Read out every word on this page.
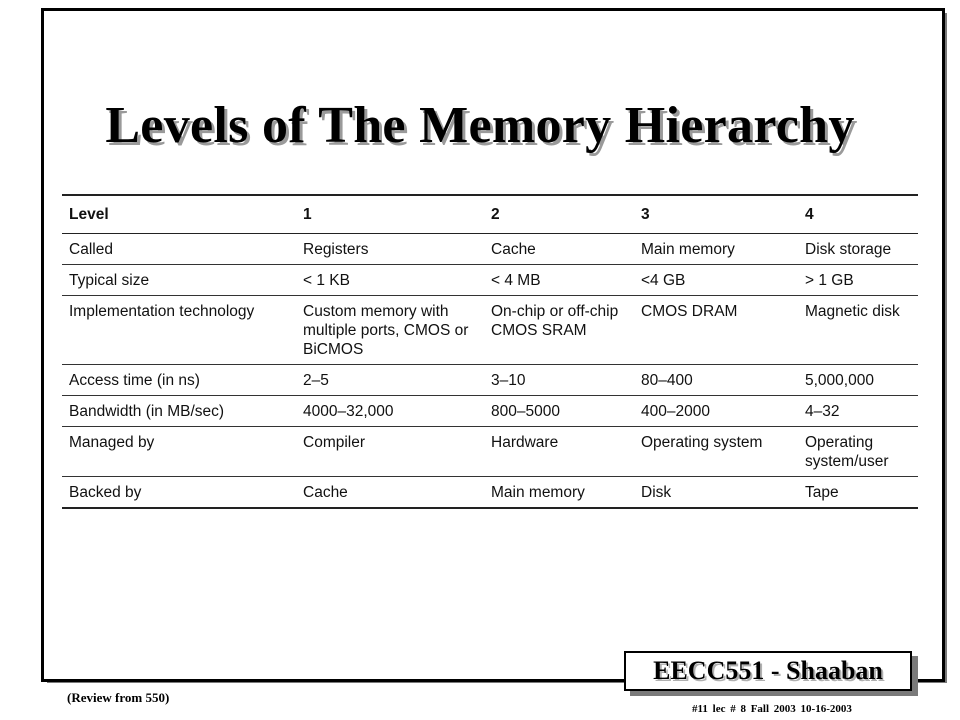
Levels of The Memory Hierarchy
Level	1	2	3	4
Called	Registers	Cache	Main memory	Disk storage
Typical size	< 1 KB	< 4 MB	<4 GB	> 1 GB
Implementation technology	Custom memory with multiple ports, CMOS or BiCMOS	On-chip or off-chip CMOS SRAM	CMOS DRAM	Magnetic disk
Access time (in ns)	2–5	3–10	80–400	5,000,000
Bandwidth (in MB/sec)	4000–32,000	800–5000	400–2000	4–32
Managed by	Compiler	Hardware	Operating system	Operating system/user
Backed by	Cache	Main memory	Disk	Tape
EECC551 - Shaaban
(Review from 550)
#11 lec # 8 Fall 2003 10-16-2003
